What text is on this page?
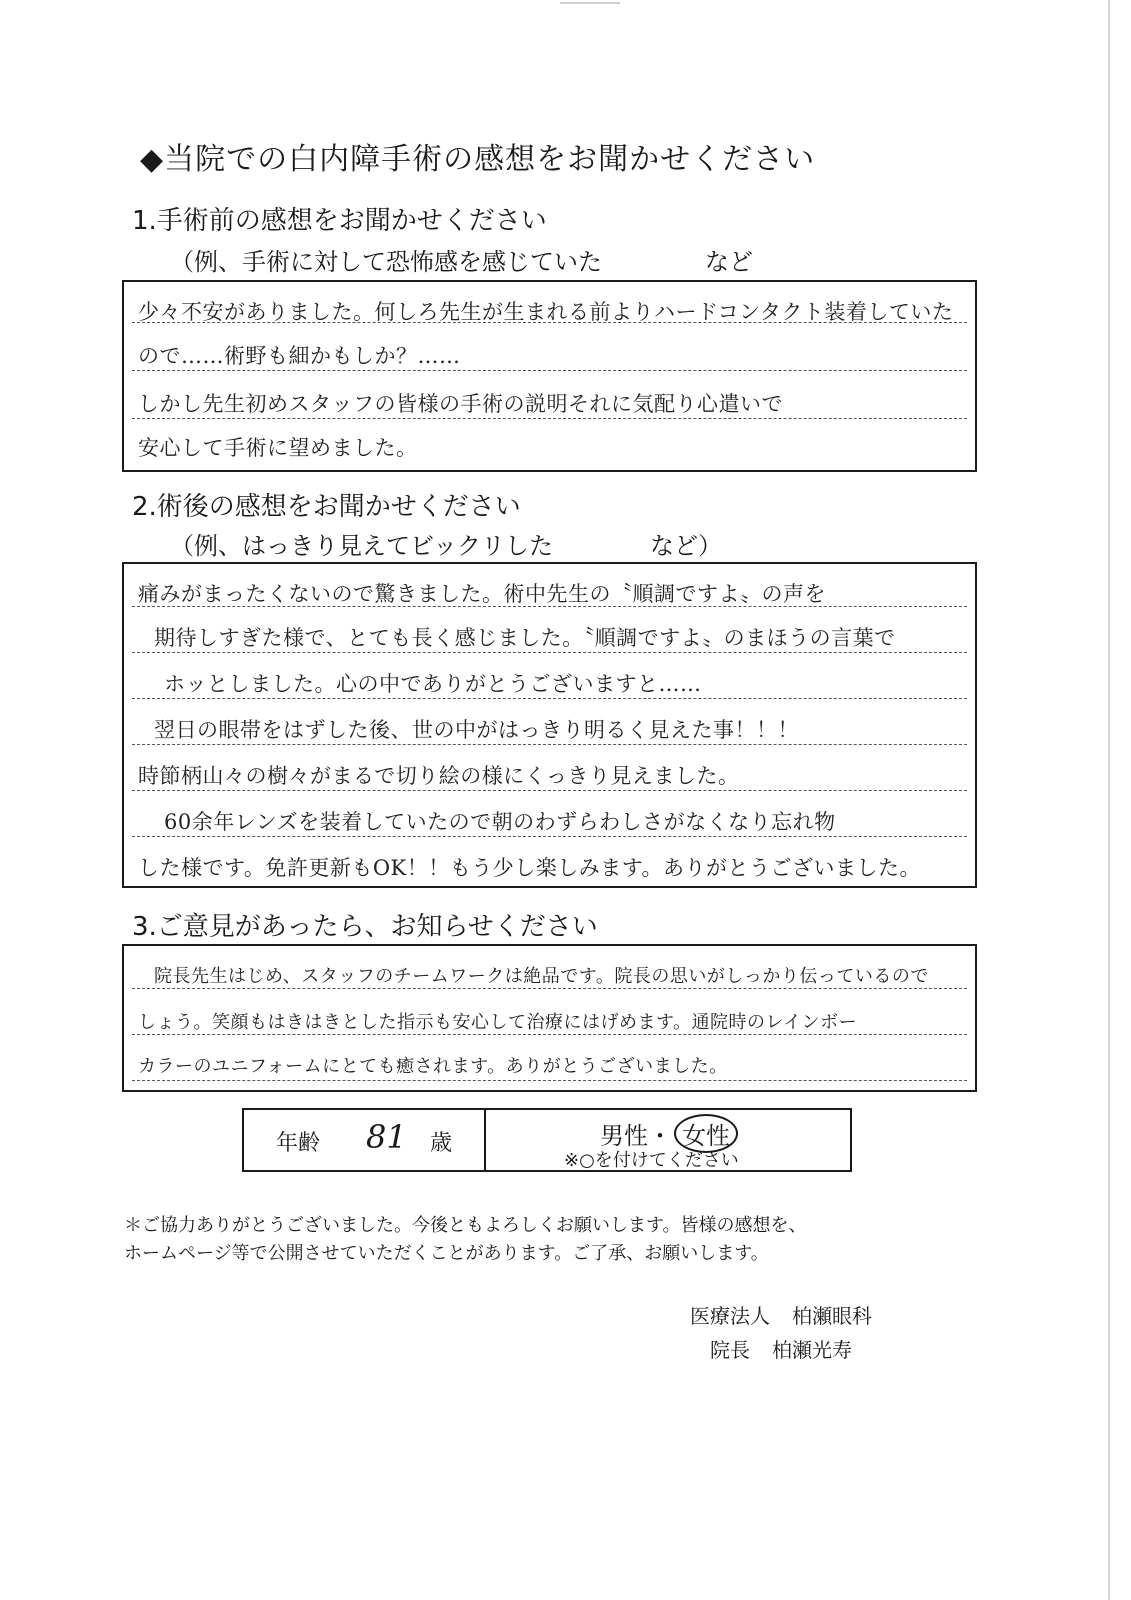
◆当院での白内障手術の感想をお聞かせください
1.手術前の感想をお聞かせください
（例、手術に対して恐怖感を感じていた	など
少々不安がありました。何しろ先生が生まれる前よりハードコンタクト装着していた
ので……術野も細かもしか？……
しかし先生初めスタッフの皆様の手術の説明それに気配り心遣いで
安心して手術に望めました。
2.術後の感想をお聞かせください
（例、はっきり見えてビックリした	など）
痛みがまったくないので驚きました。術中先生の〝順調ですよ〟の声を
期待しすぎた様で、とても長く感じました。〝順調ですよ〟のまほうの言葉で
ホッとしました。心の中でありがとうございますと……
翌日の眼帯をはずした後、世の中がはっきり明るく見えた事！！！
時節柄山々の樹々がまるで切り絵の様にくっきり見えました。
60余年レンズを装着していたので朝のわずらわしさがなくなり忘れ物
した様です。免許更新もOK！！もう少し楽しみます。ありがとうございました。
3.ご意見があったら、お知らせください
院長先生はじめ、スタッフのチームワークは絶品です。院長の思いがしっかり伝っているので
しょう。笑顔もはきはきとした指示も安心して治療にはげめます。通院時のレインボー
カラーのユニフォームにとても癒されます。ありがとうございました。
年齢 81 歳	男性・ 女性
※○を付けてください
＊ご協力ありがとうございました。今後ともよろしくお願いします。皆様の感想を、
ホームページ等で公開させていただくことがあります。ご了承、お願いします。
医療法人 柏瀬眼科
院長 柏瀬光寿
